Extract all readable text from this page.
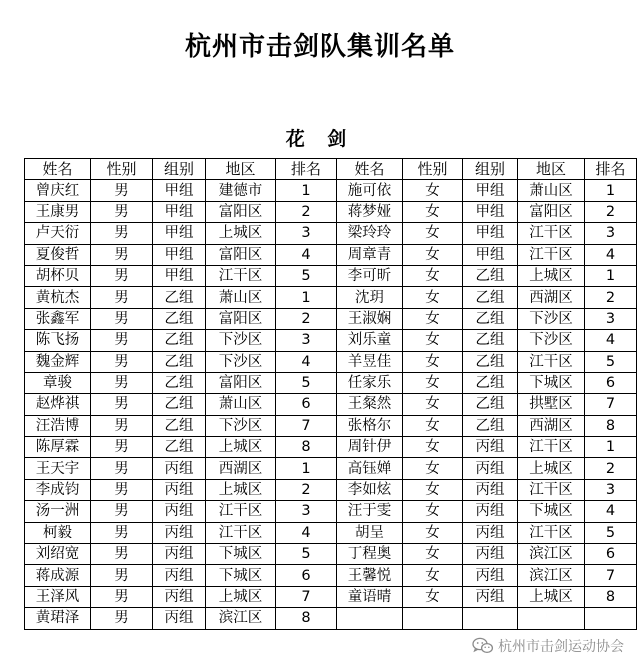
杭州市击剑队集训名单
花 剑
姓名	性别	组别	地区	排名	姓名	性别	组别	地区	排名
曾庆红	男	甲组	建德市	1	施可依	女	甲组	萧山区	1
王康男	男	甲组	富阳区	2	蒋梦娅	女	甲组	富阳区	2
卢天衍	男	甲组	上城区	3	梁玲玲	女	甲组	江干区	3
夏俊哲	男	甲组	富阳区	4	周章青	女	甲组	江干区	4
胡杯贝	男	甲组	江干区	5	李可昕	女	乙组	上城区	1
黄杭杰	男	乙组	萧山区	1	沈玥	女	乙组	西湖区	2
张鑫军	男	乙组	富阳区	2	王淑娴	女	乙组	下沙区	3
陈飞扬	男	乙组	下沙区	3	刘乐童	女	乙组	下沙区	4
魏金辉	男	乙组	下沙区	4	羊昱佳	女	乙组	江干区	5
章骏	男	乙组	富阳区	5	任家乐	女	乙组	下城区	6
赵烨祺	男	乙组	萧山区	6	王粲然	女	乙组	拱墅区	7
汪浩博	男	乙组	下沙区	7	张格尔	女	乙组	西湖区	8
陈厚霖	男	乙组	上城区	8	周针伊	女	丙组	江干区	1
王天宇	男	丙组	西湖区	1	高钰婵	女	丙组	上城区	2
李成钧	男	丙组	上城区	2	李如炫	女	丙组	江干区	3
汤一洲	男	丙组	江干区	3	汪于雯	女	丙组	下城区	4
柯毅	男	丙组	江干区	4	胡呈	女	丙组	江干区	5
刘绍宽	男	丙组	下城区	5	丁程奥	女	丙组	滨江区	6
蒋成源	男	丙组	下城区	6	王馨悦	女	丙组	滨江区	7
王泽风	男	丙组	上城区	7	童语晴	女	丙组	上城区	8
黄珺泽	男	丙组	滨江区	8					
杭州市击剑运动协会
